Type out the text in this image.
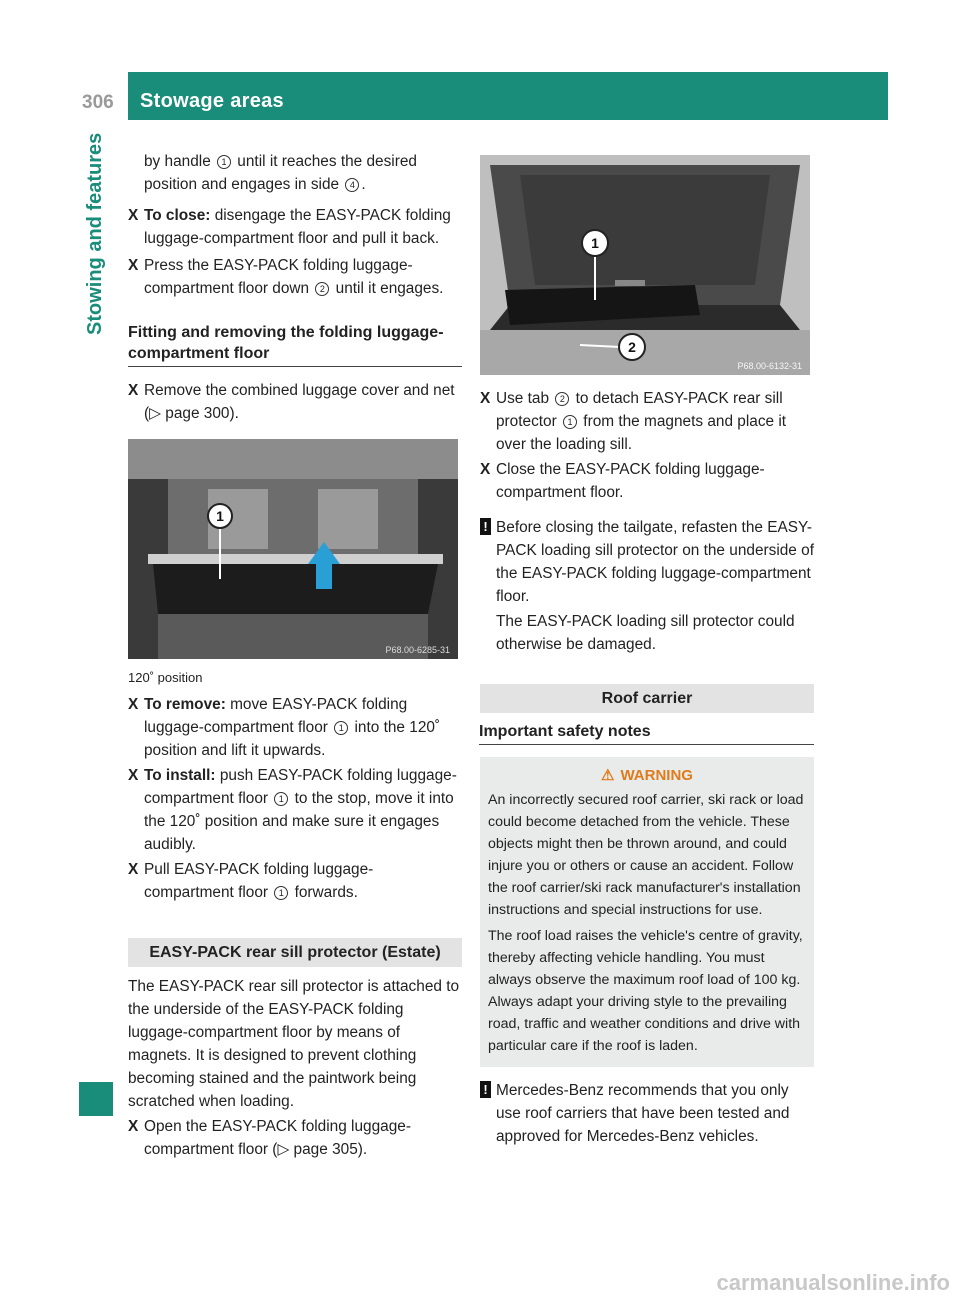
306 Stowage areas
Stowing and features	by handle 1 until it reaches the desired position and engages in side 4 .

X To close: disengage the EASY-PACK folding luggage-compartment floor and pull it back.

X Press the EASY-PACK folding luggage-compartment floor down 2 until it engages.

Fitting and removing the folding luggage-compartment floor

X Remove the combined luggage cover and net (▷ page 300).

1
P68.00-6285-31
120˚ position

X To remove: move EASY-PACK folding luggage-compartment floor 1 into the 120˚ position and lift it upwards.

X To install: push EASY-PACK folding luggage-compartment floor 1 to the stop, move it into the 120˚ position and make sure it engages audibly.

X Pull EASY-PACK folding luggage-compartment floor 1 forwards.

EASY-PACK rear sill protector (Estate)

The EASY-PACK rear sill protector is attached to the underside of the EASY-PACK folding luggage-compartment floor by means of magnets. It is designed to prevent clothing becoming stained and the paintwork being scratched when loading.

X Open the EASY-PACK folding luggage-compartment floor (▷ page 305).

1
2
P68.00-6132-31

X Use tab 2 to detach EASY-PACK rear sill protector 1 from the magnets and place it over the loading sill.

X Close the EASY-PACK folding luggage-compartment floor.

! Before closing the tailgate, refasten the EASY-PACK loading sill protector on the underside of the EASY-PACK folding luggage-compartment floor.

The EASY-PACK loading sill protector could otherwise be damaged.

Roof carrier
Important safety notes
⚠ WARNING

An incorrectly secured roof carrier, ski rack or load could become detached from the vehicle. These objects might then be thrown around, and could injure you or others or cause an accident. Follow the roof carrier/ski rack manufacturer's installation instructions and special instructions for use.

The roof load raises the vehicle's centre of gravity, thereby affecting vehicle handling. You must always observe the maximum roof load of 100 kg. Always adapt your driving style to the prevailing road, traffic and weather conditions and drive with particular care if the roof is laden.

! Mercedes-Benz recommends that you only use roof carriers that have been tested and approved for Mercedes-Benz vehicles.

carmanualsonline.info
